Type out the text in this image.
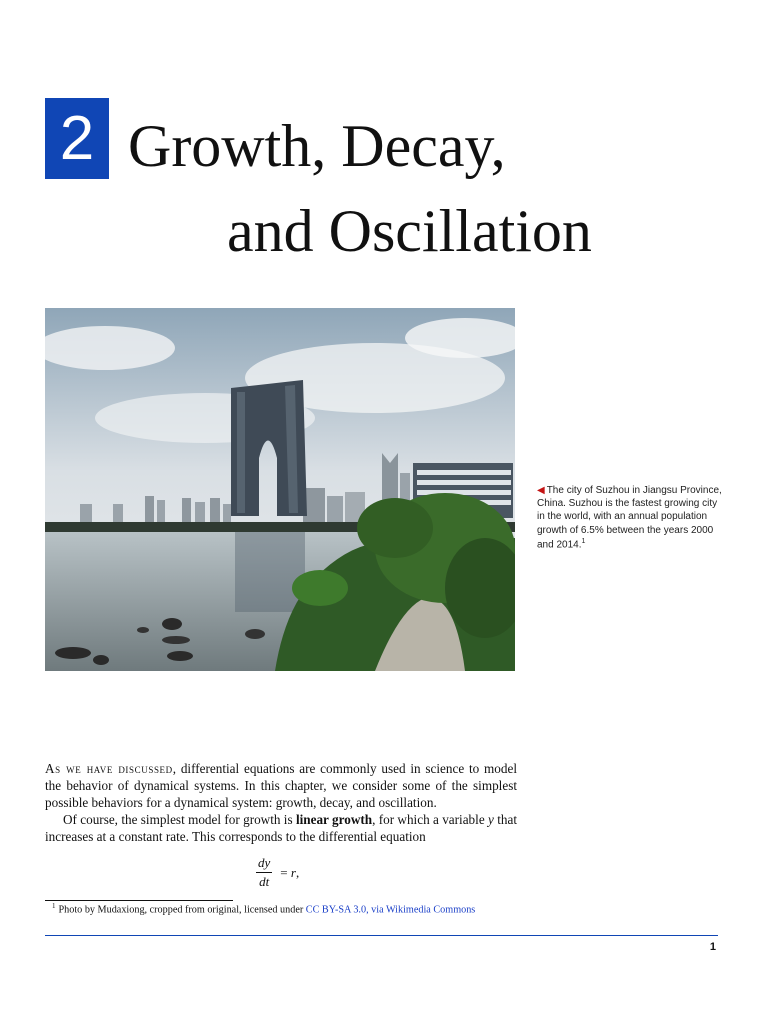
2 Growth, Decay,
and Oscillation
◀ The city of Suzhou in Jiangsu Province, China. Suzhou is the fastest growing city in the world, with an annual population growth of 6.5% between the years 2000 and 2014.$^1$

As we have discussed, differential equations are commonly used in science to model the behavior of dynamical systems. In this chapter, we consider some of the simplest possible behaviors for a dynamical system: growth, decay, and oscillation.

Of course, the simplest model for growth is linear growth, for which a variable y that increases at a constant rate. This corresponds to the differential equation

$\frac{dy}{dt} = r$,
$^1$ Photo by Mudaxiong, cropped from original, licensed under CC BY-SA 3.0, via Wikimedia Commons
1
